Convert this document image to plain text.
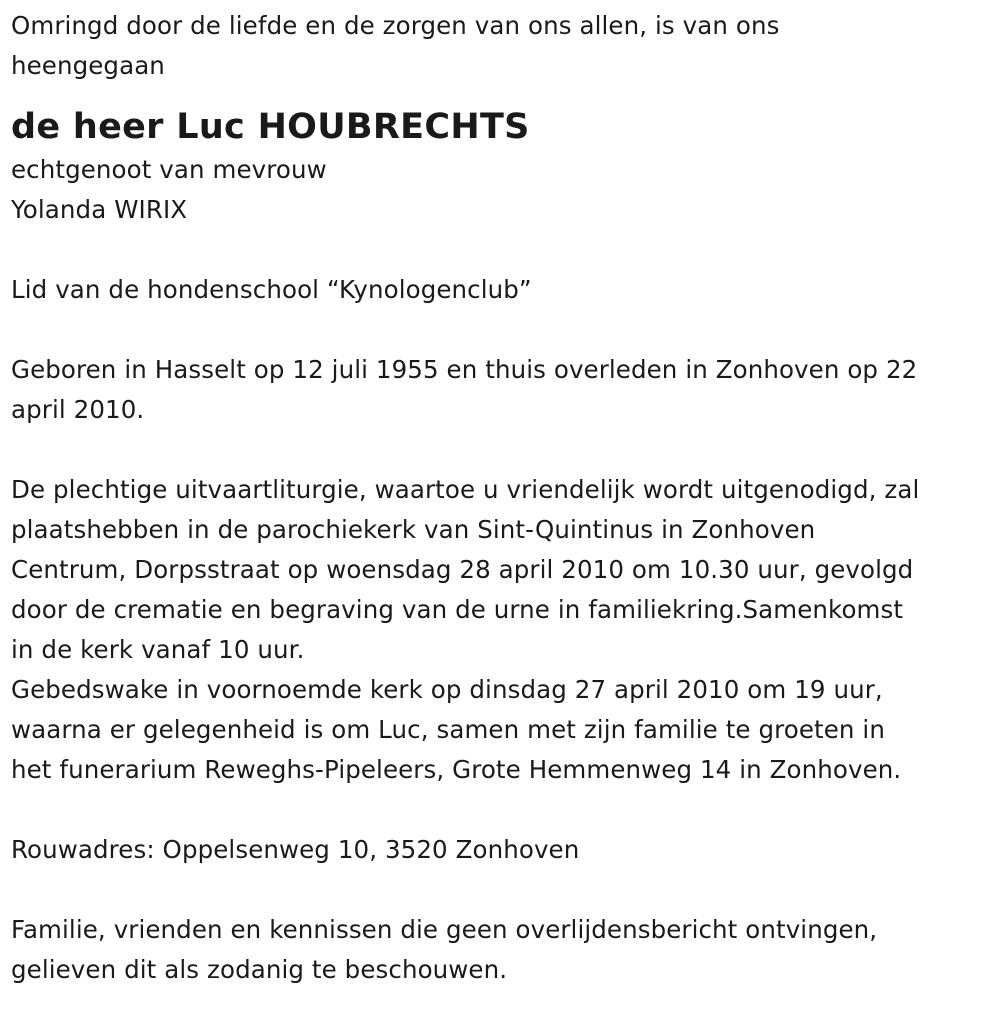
Omringd door de liefde en de zorgen van ons allen, is van ons
heengegaan

de heer Luc HOUBRECHTS

echtgenoot van mevrouw
Yolanda WIRIX

Lid van de hondenschool “Kynologenclub”

Geboren in Hasselt op 12 juli 1955 en thuis overleden in Zonhoven op 22
april 2010.

De plechtige uitvaartliturgie, waartoe u vriendelijk wordt uitgenodigd, zal
plaatshebben in de parochiekerk van Sint-Quintinus in Zonhoven
Centrum, Dorpsstraat op woensdag 28 april 2010 om 10.30 uur, gevolgd
door de crematie en begraving van de urne in familiekring.Samenkomst
in de kerk vanaf 10 uur.
Gebedswake in voornoemde kerk op dinsdag 27 april 2010 om 19 uur,
waarna er gelegenheid is om Luc, samen met zijn familie te groeten in
het funerarium Reweghs-Pipeleers, Grote Hemmenweg 14 in Zonhoven.

Rouwadres: Oppelsenweg 10, 3520 Zonhoven

Familie, vrienden en kennissen die geen overlijdensbericht ontvingen,
gelieven dit als zodanig te beschouwen.
